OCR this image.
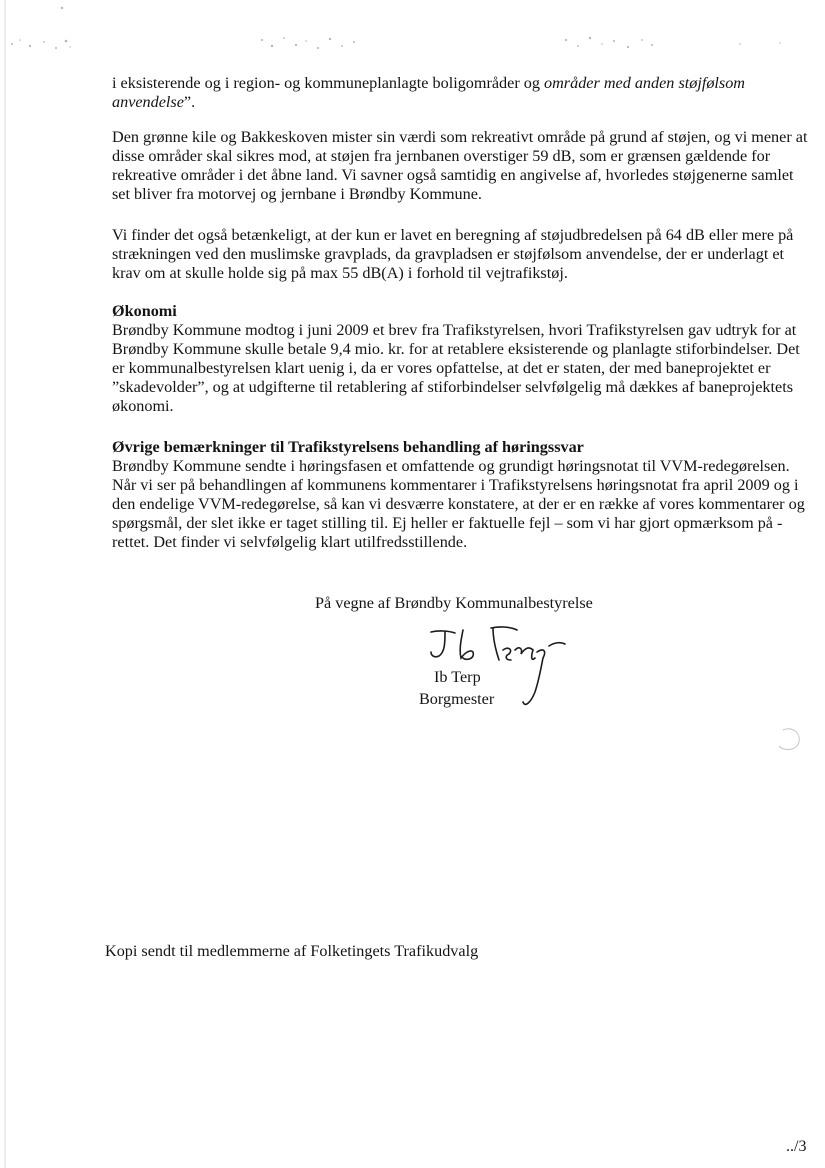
i eksisterende og i region- og kommuneplanlagte boligområder og områder med anden støjfølsom anvendelse”.

Den grønne kile og Bakkeskoven mister sin værdi som rekreativt område på grund af støjen, og vi mener at disse områder skal sikres mod, at støjen fra jernbanen overstiger 59 dB, som er grænsen gældende for rekreative områder i det åbne land. Vi savner også samtidig en angivelse af, hvorledes støjgenerne samlet set bliver fra motorvej og jernbane i Brøndby Kommune.

Vi finder det også betænkeligt, at der kun er lavet en beregning af støjudbredelsen på 64 dB eller mere på strækningen ved den muslimske gravplads, da gravpladsen er støjfølsom anvendelse, der er underlagt et krav om at skulle holde sig på max 55 dB(A) i forhold til vejtrafikstøj.

Økonomi

Brøndby Kommune modtog i juni 2009 et brev fra Trafikstyrelsen, hvori Trafikstyrelsen gav udtryk for at Brøndby Kommune skulle betale 9,4 mio. kr. for at retablere eksisterende og planlagte stiforbindelser. Det er kommunalbestyrelsen klart uenig i, da er vores opfattelse, at det er staten, der med baneprojektet er ”skadevolder”, og at udgifterne til retablering af stiforbindelser selvfølgelig må dækkes af baneprojektets økonomi.

Øvrige bemærkninger til Trafikstyrelsens behandling af høringssvar

Brøndby Kommune sendte i høringsfasen et omfattende og grundigt høringsnotat til VVM-redegørelsen. Når vi ser på behandlingen af kommunens kommentarer i Trafikstyrelsens høringsnotat fra april 2009 og i den endelige VVM-redegørelse, så kan vi desværre konstatere, at der er en række af vores kommentarer og spørgsmål, der slet ikke er taget stilling til. Ej heller er faktuelle fejl – som vi har gjort opmærksom på - rettet. Det finder vi selvfølgelig klart utilfredsstillende.

På vegne af Brøndby Kommunalbestyrelse
Ib Terp
Borgmester
Kopi sendt til medlemmerne af Folketingets Trafikudvalg
../3
